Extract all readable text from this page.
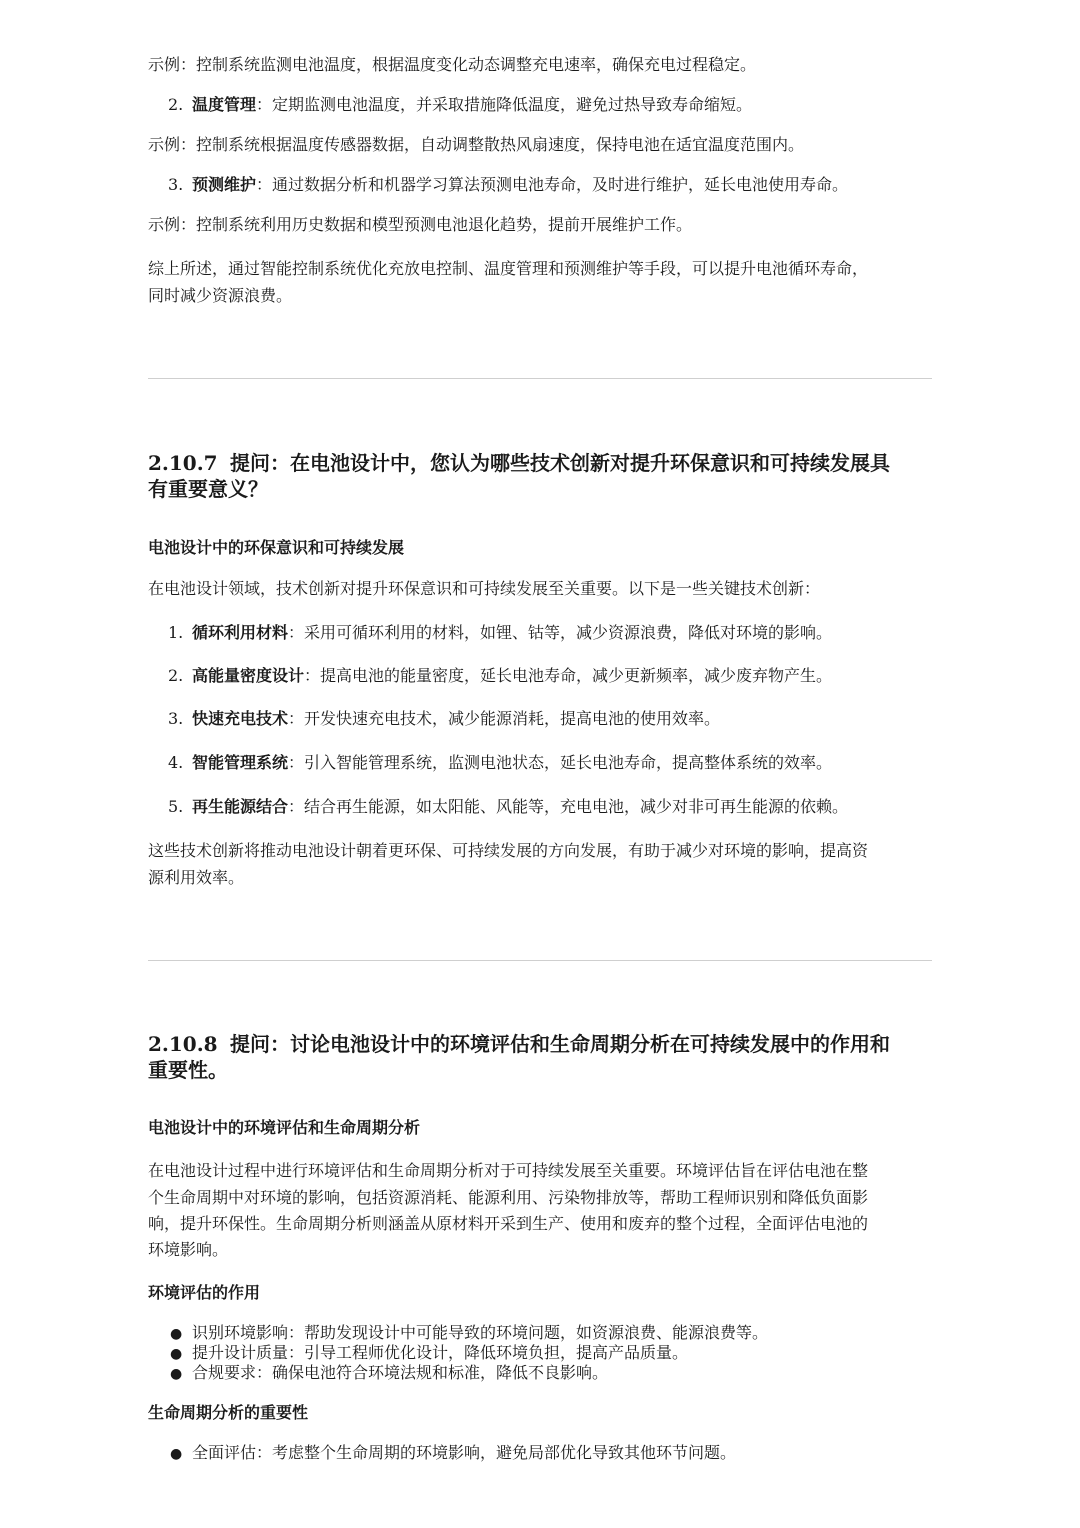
示例：控制系统监测电池温度，根据温度变化动态调整充电速率，确保充电过程稳定。
2. 温度管理：定期监测电池温度，并采取措施降低温度，避免过热导致寿命缩短。
示例：控制系统根据温度传感器数据，自动调整散热风扇速度，保持电池在适宜温度范围内。
3. 预测维护：通过数据分析和机器学习算法预测电池寿命，及时进行维护，延长电池使用寿命。
示例：控制系统利用历史数据和模型预测电池退化趋势，提前开展维护工作。
综上所述，通过智能控制系统优化充放电控制、温度管理和预测维护等手段，可以提升电池循环寿命，
同时减少资源浪费。
2.10.7 提问：在电池设计中，您认为哪些技术创新对提升环保意识和可持续发展具
有重要意义？
电池设计中的环保意识和可持续发展
在电池设计领域，技术创新对提升环保意识和可持续发展至关重要。以下是一些关键技术创新：
1. 循环利用材料：采用可循环利用的材料，如锂、钴等，减少资源浪费，降低对环境的影响。
2. 高能量密度设计：提高电池的能量密度，延长电池寿命，减少更新频率，减少废弃物产生。
3. 快速充电技术：开发快速充电技术，减少能源消耗，提高电池的使用效率。
4. 智能管理系统：引入智能管理系统，监测电池状态，延长电池寿命，提高整体系统的效率。
5. 再生能源结合：结合再生能源，如太阳能、风能等，充电电池，减少对非可再生能源的依赖。
这些技术创新将推动电池设计朝着更环保、可持续发展的方向发展，有助于减少对环境的影响，提高资
源利用效率。
2.10.8 提问：讨论电池设计中的环境评估和生命周期分析在可持续发展中的作用和
重要性。
电池设计中的环境评估和生命周期分析
在电池设计过程中进行环境评估和生命周期分析对于可持续发展至关重要。环境评估旨在评估电池在整
个生命周期中对环境的影响，包括资源消耗、能源利用、污染物排放等，帮助工程师识别和降低负面影
响，提升环保性。生命周期分析则涵盖从原材料开采到生产、使用和废弃的整个过程，全面评估电池的
环境影响。
环境评估的作用
● 识别环境影响：帮助发现设计中可能导致的环境问题，如资源浪费、能源浪费等。
● 提升设计质量：引导工程师优化设计，降低环境负担，提高产品质量。
● 合规要求：确保电池符合环境法规和标准，降低不良影响。
生命周期分析的重要性
● 全面评估：考虑整个生命周期的环境影响，避免局部优化导致其他环节问题。
